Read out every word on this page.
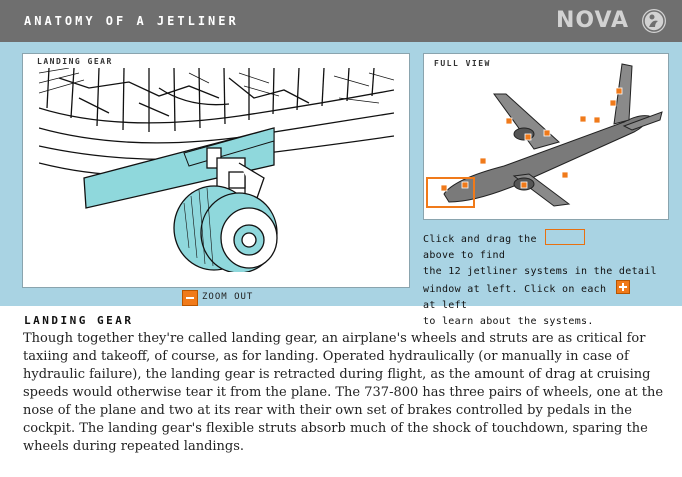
ANATOMY OF A JETLINER	NOVA
LANDING GEAR	FULL VIEW
ZOOM OUT
Click and drag the  above to find
the 12 jetliner systems in the detail
window at left. Click on each  at left
to learn about the systems.
LANDING GEAR
Though together they're called landing gear, an airplane's wheels and struts are as critical for taxiing and takeoff, of course, as for landing. Operated hydraulically (or manually in case of hydraulic failure), the landing gear is retracted during flight, as the amount of drag at cruising speeds would otherwise tear it from the plane. The 737-800 has three pairs of wheels, one at the nose of the plane and two at its rear with their own set of brakes controlled by pedals in the cockpit. The landing gear's flexible struts absorb much of the shock of touchdown, sparing the wheels during repeated landings.
